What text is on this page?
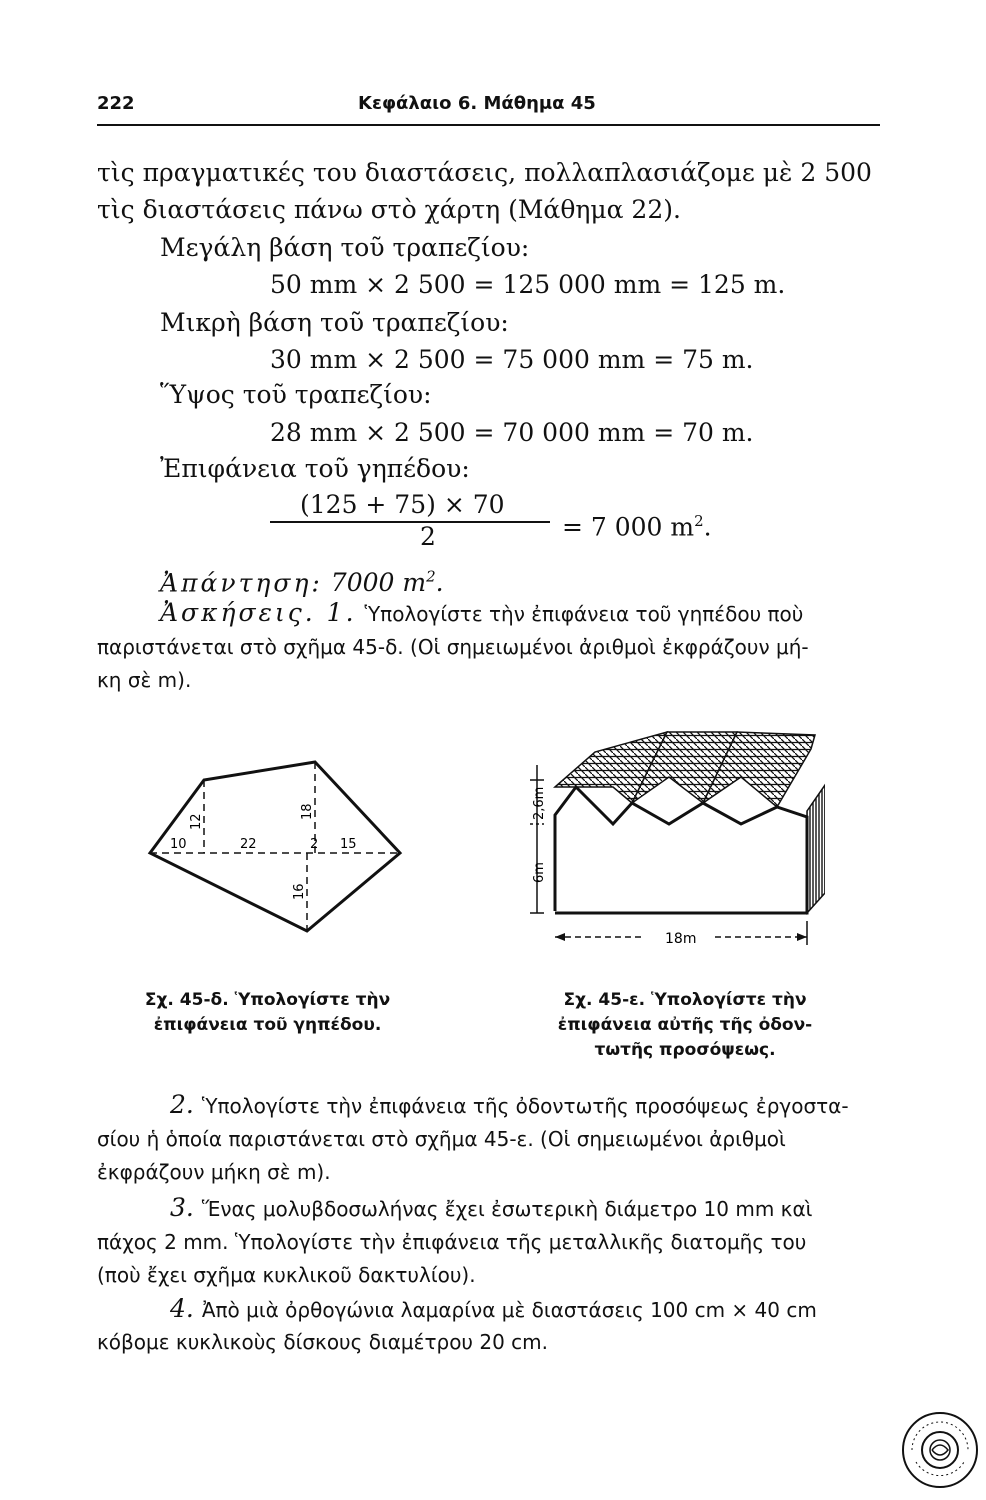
222	Κεφάλαιο 6. Μάθημα 45
τὶς πραγματικές του διαστάσεις, πολλαπλασιάζομε μὲ 2 500
τὶς διαστάσεις πάνω στὸ χάρτη (Μάθημα 22).
Μεγάλη βάση τοῦ τραπεζίου:
50 mm × 2 500 = 125 000 mm = 125 m.
Μικρὴ βάση τοῦ τραπεζίου:
30 mm × 2 500 = 75 000 mm = 75 m.
Ὕψος τοῦ τραπεζίου:
28 mm × 2 500 = 70 000 mm = 70 m.
Ἐπιφάνεια τοῦ γηπέδου:
(125 + 75) × 70
2	= 7 000 $m^2$.
Ἀπάντηση: 7000 $m^2$.
Ἀσκήσεις. 1. Ὑπολογίστε τὴν ἐπιφάνεια τοῦ γηπέδου ποὺ
παριστάνεται στὸ σχῆμα 45-δ. (Οἱ σημειωμένοι ἀριθμοὶ ἐκφράζουν μή-
κη σὲ m).
10
12
22
18
2 15
16
2,6m
6m
18m
Σχ. 45-δ. Ὑπολογίστε τὴν
ἐπιφάνεια τοῦ γηπέδου.
Σχ. 45-ε. Ὑπολογίστε τὴν
ἐπιφάνεια αὐτῆς τῆς ὀδον-
τωτῆς προσόψεως.
2. Ὑπολογίστε τὴν ἐπιφάνεια τῆς ὀδοντωτῆς προσόψεως ἐργοστα-
σίου ἡ ὁποία παριστάνεται στὸ σχῆμα 45-ε. (Οἱ σημειωμένοι ἀριθμοὶ
ἐκφράζουν μήκη σὲ m).
3. Ἕνας μολυβδοσωλήνας ἔχει ἐσωτερικὴ διάμετρο 10 mm καὶ
πάχος 2 mm. Ὑπολογίστε τὴν ἐπιφάνεια τῆς μεταλλικῆς διατομῆς του
(ποὺ ἔχει σχῆμα κυκλικοῦ δακτυλίου).
4. Ἀπὸ μιὰ ὀρθογώνια λαμαρίνα μὲ διαστάσεις 100 cm × 40 cm
κόβομε κυκλικοὺς δίσκους διαμέτρου 20 cm.
